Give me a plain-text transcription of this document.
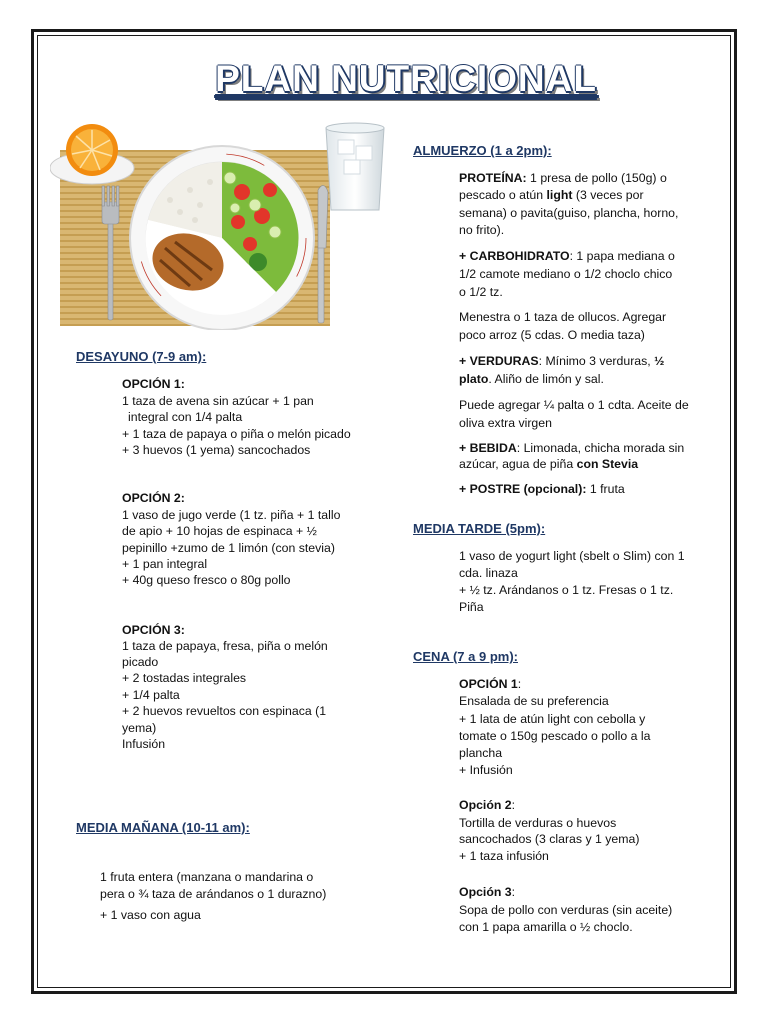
PLAN NUTRICIONAL
DESAYUNO (7-9 am):
OPCIÓN 1:
1 taza de avena sin azúcar + 1 pan
integral con 1/4 palta
+ 1 taza de papaya o piña o melón picado
+ 3 huevos (1 yema) sancochados
OPCIÓN 2:
1 vaso de jugo verde (1 tz. piña + 1 tallo
de apio + 10 hojas de espinaca + ½
pepinillo +zumo de 1 limón (con stevia)
+ 1 pan integral
+ 40g queso fresco o 80g pollo
OPCIÓN 3:
1 taza de papaya, fresa, piña o melón
picado
+ 2 tostadas integrales
+ 1/4 palta
+ 2 huevos revueltos con espinaca (1
yema)
Infusión
MEDIA MAÑANA (10-11 am):
1 fruta entera (manzana o mandarina o
pera o ¾ taza de arándanos o 1 durazno)
+ 1 vaso con agua
ALMUERZO (1 a 2pm):
PROTEÍNA: 1 presa de pollo (150g) o
pescado o atún light (3 veces por
semana) o pavita(guiso, plancha, horno,
no frito).
+ CARBOHIDRATO: 1 papa mediana o
1/2 camote mediano o 1/2 choclo chico
o 1/2 tz.
Menestra o 1 taza de ollucos. Agregar
poco arroz (5 cdas. O media taza)
+ VERDURAS: Mínimo 3 verduras, ½
plato. Aliño de limón y sal.
Puede agregar ¼ palta o 1 cdta. Aceite de
oliva extra virgen
+ BEBIDA: Limonada, chicha morada sin
azúcar, agua de piña con Stevia
+ POSTRE (opcional): 1 fruta
MEDIA TARDE (5pm):
1 vaso de yogurt light (sbelt o Slim) con 1
cda. linaza
+ ½ tz. Arándanos o 1 tz. Fresas o 1 tz.
Piña
CENA (7 a 9 pm):
OPCIÓN 1:
Ensalada de su preferencia
+ 1 lata de atún light con cebolla y
tomate o 150g pescado o pollo a la
plancha
+ Infusión
Opción 2:
Tortilla de verduras o huevos
sancochados (3 claras y 1 yema)
+ 1 taza infusión
Opción 3:
Sopa de pollo con verduras (sin aceite)
con 1 papa amarilla o ½ choclo.
